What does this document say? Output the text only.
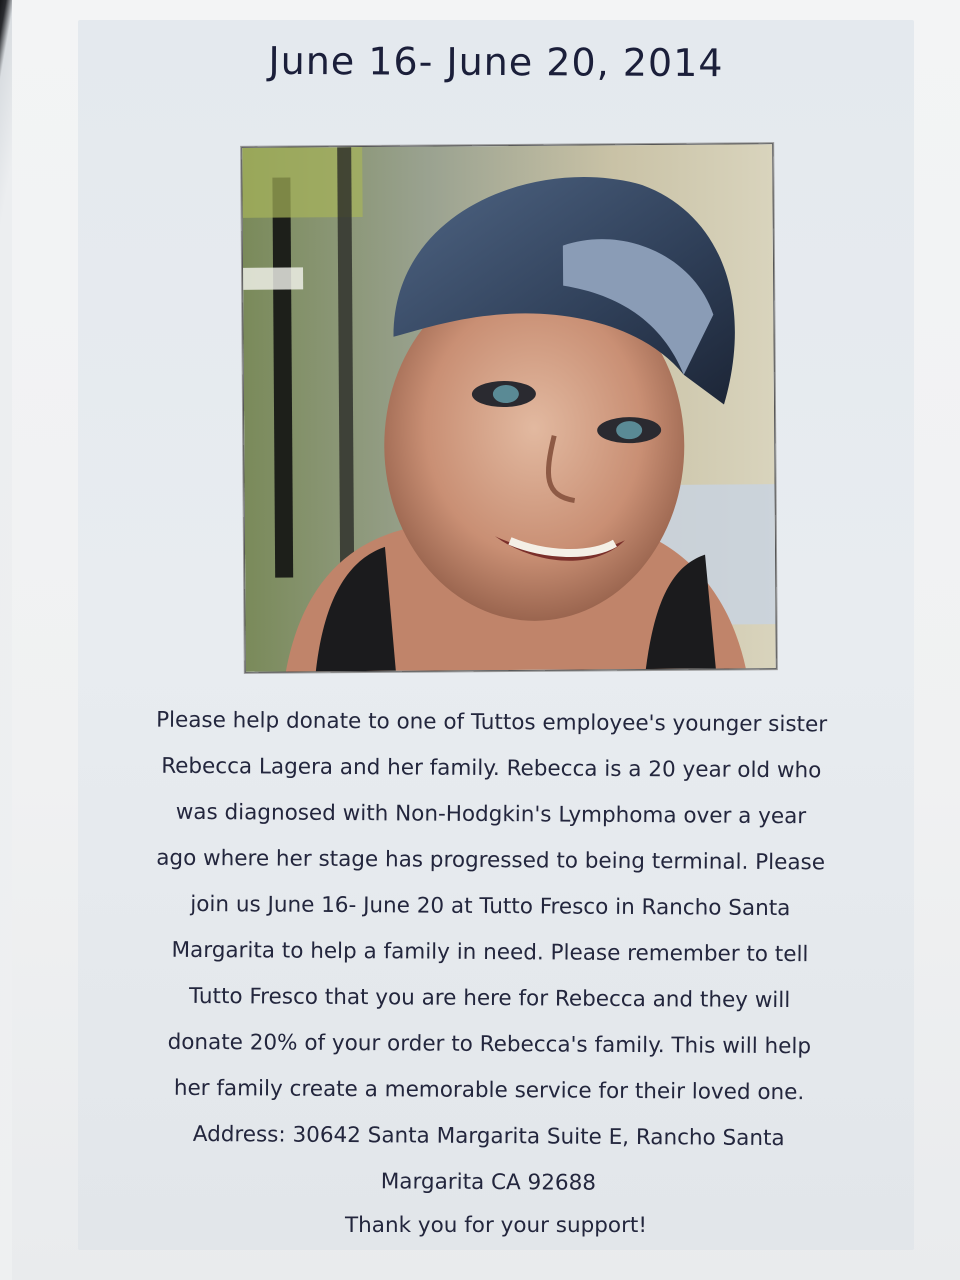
June 16- June 20, 2014
Please help donate to one of Tuttos employee's younger sister
Rebecca Lagera and her family. Rebecca is a 20 year old who
was diagnosed with Non-Hodgkin's Lymphoma over a year
ago where her stage has progressed to being terminal. Please
join us June 16- June 20 at Tutto Fresco in Rancho Santa
Margarita to help a family in need. Please remember to tell
Tutto Fresco that you are here for Rebecca and they will
donate 20% of your order to Rebecca's family. This will help
her family create a memorable service for their loved one.
Address: 30642 Santa Margarita Suite E, Rancho Santa
Margarita CA 92688
Thank you for your support!
